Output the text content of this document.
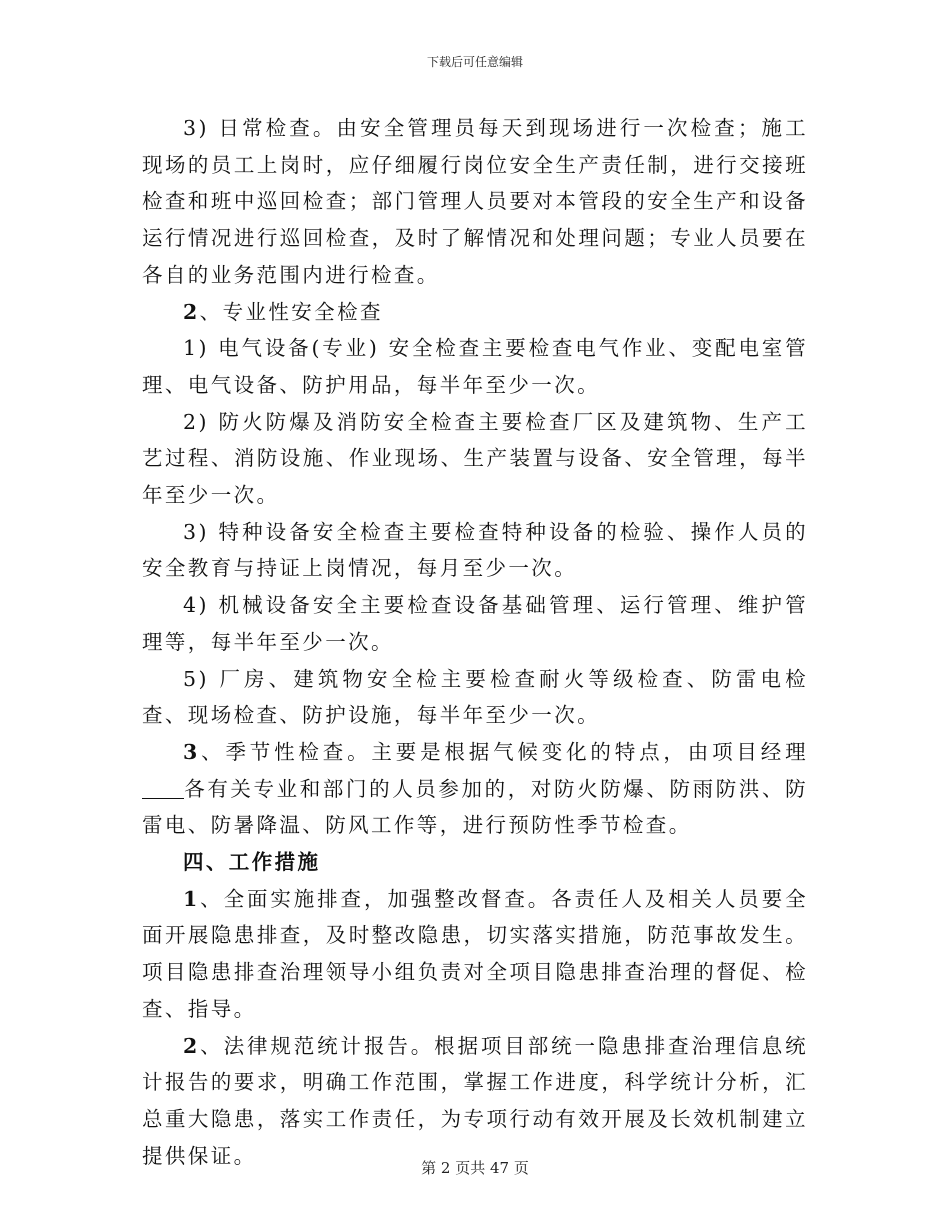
下载后可任意编辑

3) 日常检查。由安全管理员每天到现场进行一次检查；施工现场的员工上岗时，应仔细履行岗位安全生产责任制，进行交接班检查和班中巡回检查；部门管理人员要对本管段的安全生产和设备运行情况进行巡回检查，及时了解情况和处理问题；专业人员要在各自的业务范围内进行检查。

2、专业性安全检查

1) 电气设备(专业) 安全检查主要检查电气作业、变配电室管理、电气设备、防护用品，每半年至少一次。

2) 防火防爆及消防安全检查主要检查厂区及建筑物、生产工艺过程、消防设施、作业现场、生产装置与设备、安全管理，每半年至少一次。

3) 特种设备安全检查主要检查特种设备的检验、操作人员的安全教育与持证上岗情况，每月至少一次。

4) 机械设备安全主要检查设备基础管理、运行管理、维护管理等，每半年至少一次。

5) 厂房、建筑物安全检主要检查耐火等级检查、防雷电检查、现场检查、防护设施，每半年至少一次。

3、季节性检查。主要是根据气候变化的特点，由项目经理各有关专业和部门的人员参加的，对防火防爆、防雨防洪、防雷电、防暑降温、防风工作等，进行预防性季节检查。

四、工作措施

1、全面实施排查，加强整改督查。各责任人及相关人员要全面开展隐患排查，及时整改隐患，切实落实措施，防范事故发生。项目隐患排查治理领导小组负责对全项目隐患排查治理的督促、检查、指导。

2、法律规范统计报告。根据项目部统一隐患排查治理信息统计报告的要求，明确工作范围，掌握工作进度，科学统计分析，汇总重大隐患，落实工作责任，为专项行动有效开展及长效机制建立提供保证。

第 2 页共 47 页
